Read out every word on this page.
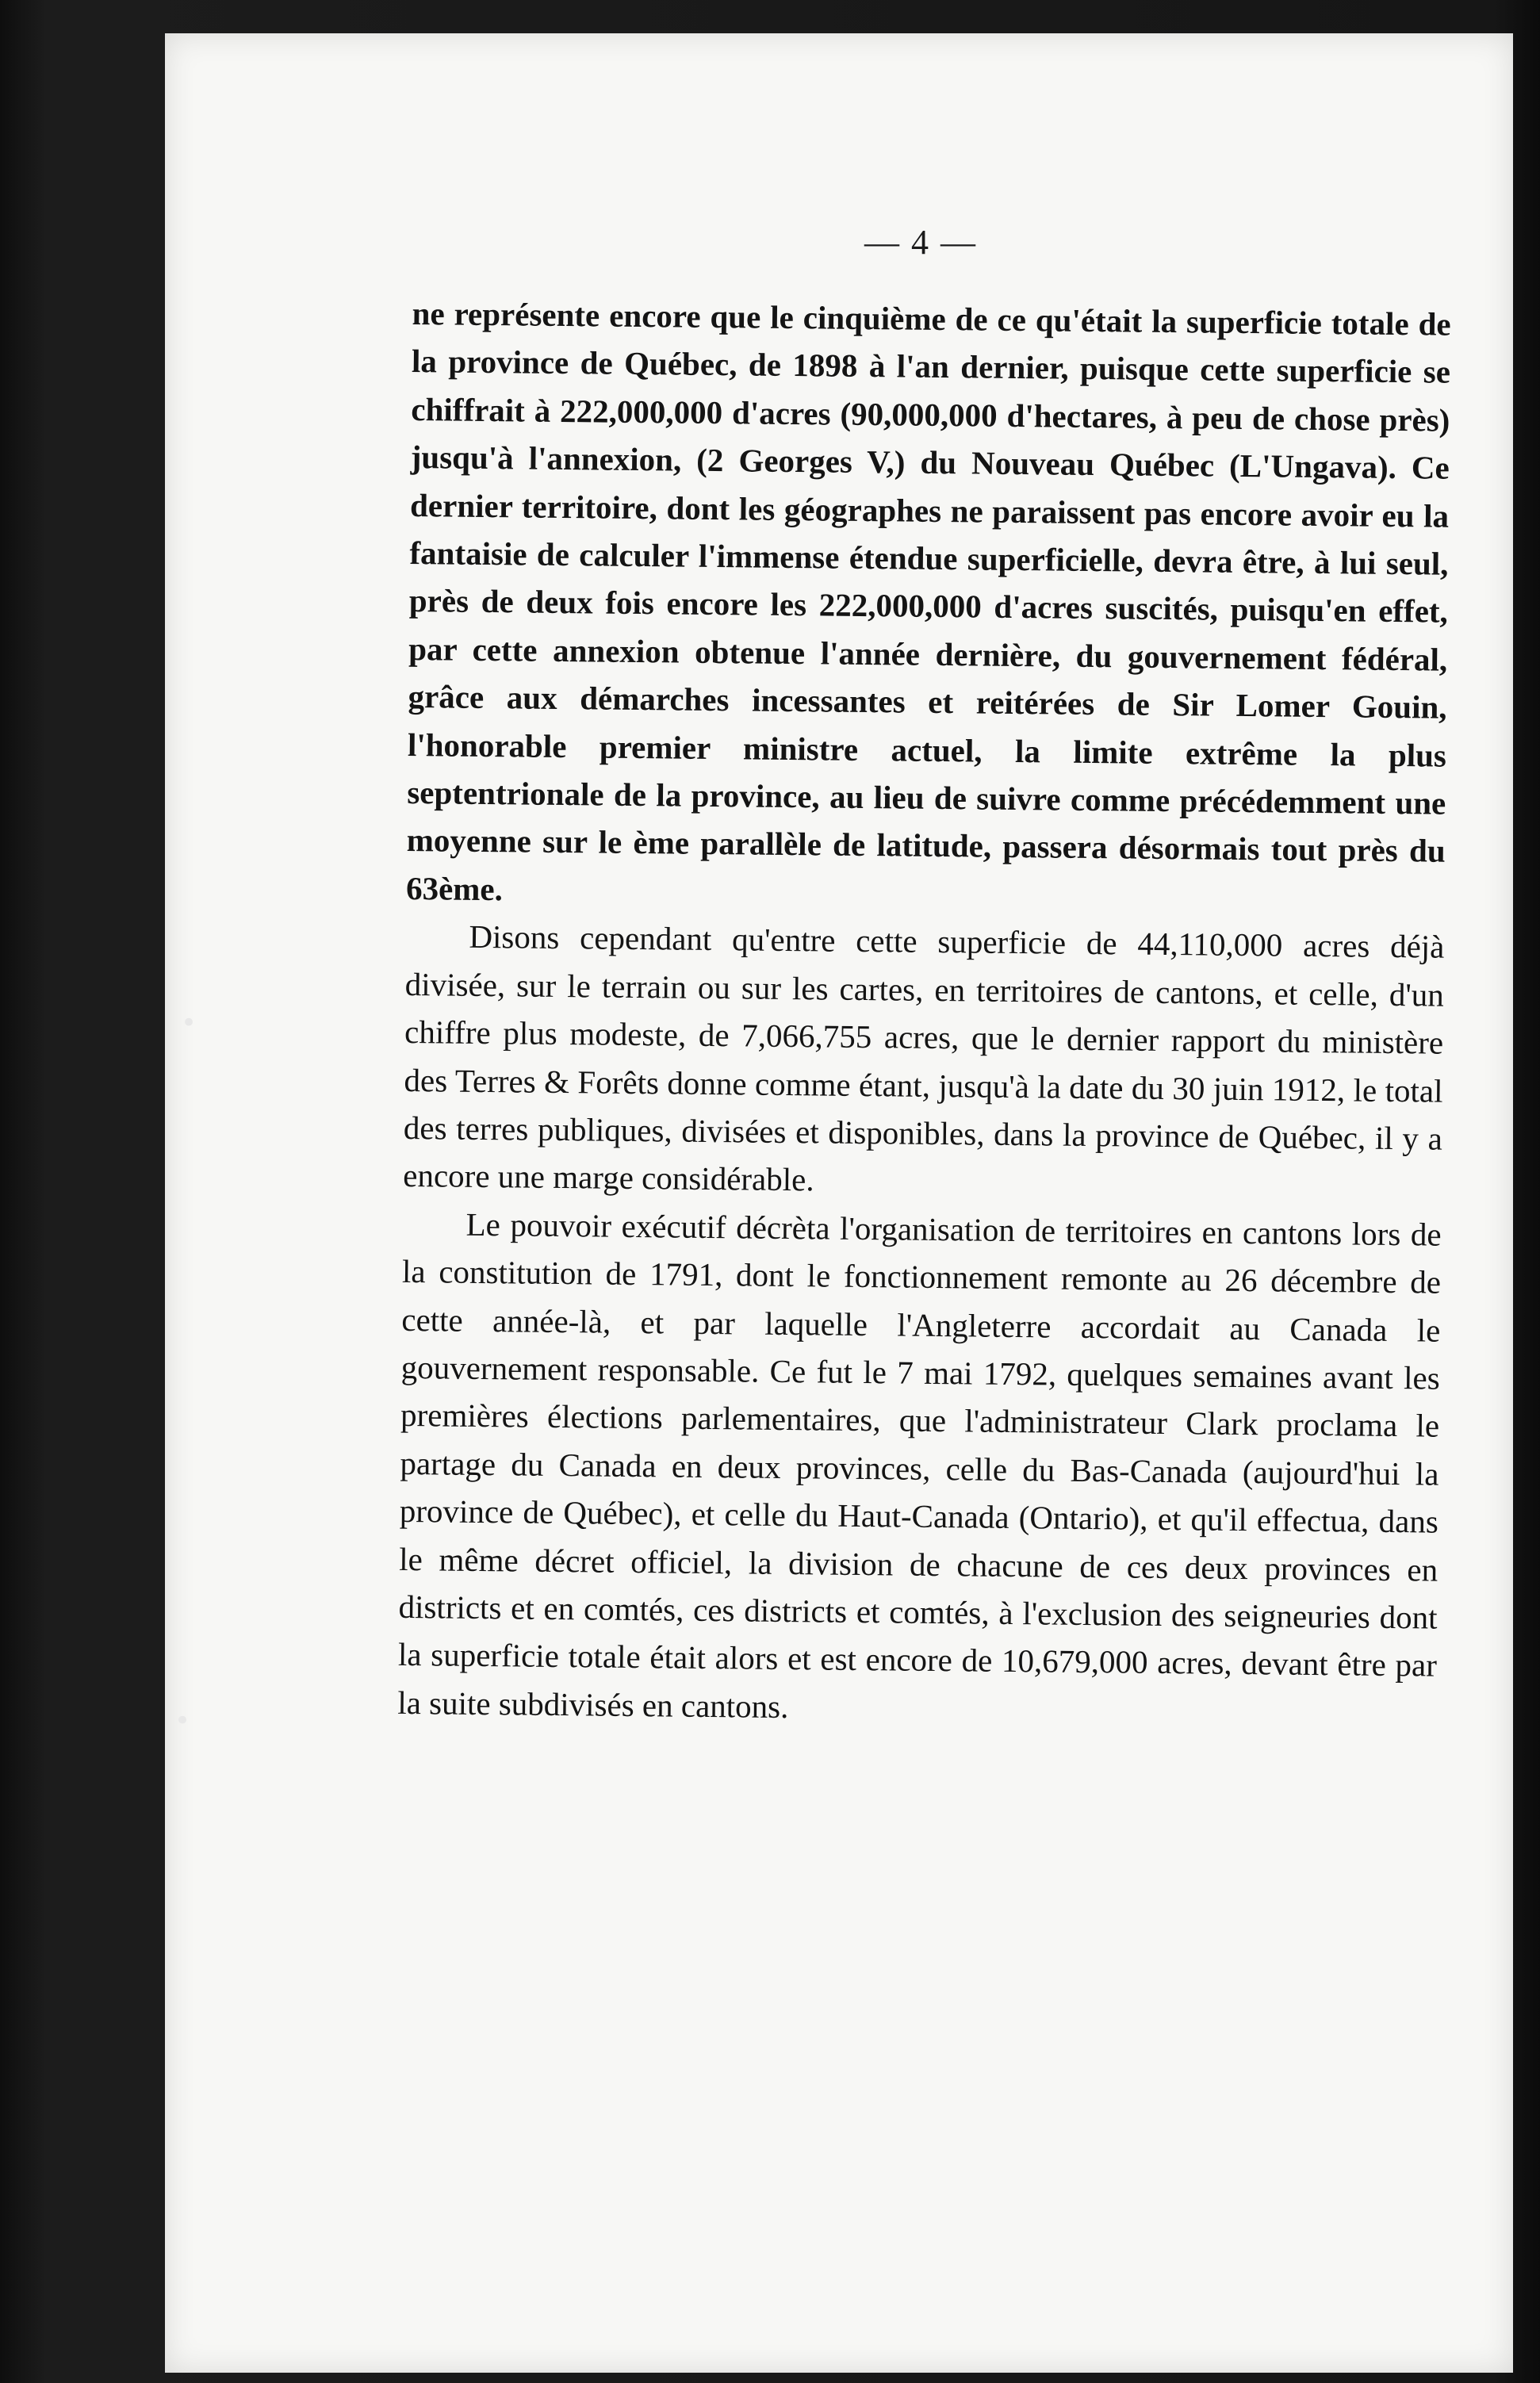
— 4 —

ne représente encore que le cinquième de ce qu'était la superficie totale de la province de Québec, de 1898 à l'an dernier, puisque cette superficie se chiffrait à 222,000,000 d'acres (90,000,000 d'hectares, à peu de chose près) jusqu'à l'annexion, (2 Georges V,) du Nouveau Québec (L'Ungava). Ce dernier territoire, dont les géographes ne paraissent pas encore avoir eu la fantaisie de calculer l'immense étendue superficielle, devra être, à lui seul, près de deux fois encore les 222,000,000 d'acres suscités, puisqu'en effet, par cette annexion obtenue l'année dernière, du gouvernement fédéral, grâce aux démarches incessantes et reitérées de Sir Lomer Gouin, l'honorable premier ministre actuel, la limite extrême la plus septentrionale de la province, au lieu de suivre comme précédemment une moyenne sur le ème parallèle de latitude, passera désormais tout près du 63ème.

Disons cependant qu'entre cette superficie de 44,110,000 acres déjà divisée, sur le terrain ou sur les cartes, en territoires de cantons, et celle, d'un chiffre plus modeste, de 7,066,755 acres, que le dernier rapport du ministère des Terres & Forêts donne comme étant, jusqu'à la date du 30 juin 1912, le total des terres publiques, divisées et disponibles, dans la province de Québec, il y a encore une marge considérable.

Le pouvoir exécutif décrèta l'organisation de territoires en cantons lors de la constitution de 1791, dont le fonctionnement remonte au 26 décembre de cette année-là, et par laquelle l'Angleterre accordait au Canada le gouvernement responsable. Ce fut le 7 mai 1792, quelques semaines avant les premières élections parlementaires, que l'administrateur Clark proclama le partage du Canada en deux provinces, celle du Bas-Canada (aujourd'hui la province de Québec), et celle du Haut-Canada (Ontario), et qu'il effectua, dans le même décret officiel, la division de chacune de ces deux provinces en districts et en comtés, ces districts et comtés, à l'exclusion des seigneuries dont la superficie totale était alors et est encore de 10,679,000 acres, devant être par la suite subdivisés en cantons.

•
•
